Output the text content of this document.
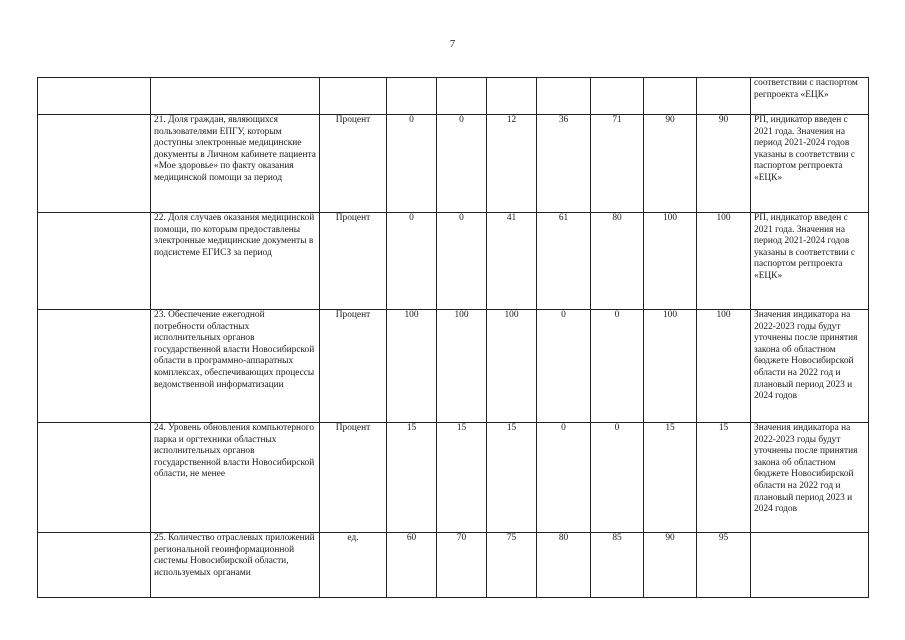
7
										соответствии с паспортом регпроекта «ЕЦК»
	21. Доля граждан, являющихся пользователями ЕПГУ, которым доступны электронные медицинские документы в Личном кабинете пациента «Мое здоровье» по факту оказания медицинской помощи за период	Процент	0	0	12	36	71	90	90	РП, индикатор введен с 2021 года. Значения на период 2021-2024 годов указаны в соответствии с паспортом регпроекта «ЕЦК»
	22. Доля случаев оказания медицинской помощи, по которым предоставлены электронные медицинские документы в подсистеме ЕГИСЗ за период	Процент	0	0	41	61	80	100	100	РП, индикатор введен с 2021 года. Значения на период 2021-2024 годов указаны в соответствии с паспортом регпроекта «ЕЦК»
	23. Обеспечение ежегодной потребности областных исполнительных органов государственной власти Новосибирской области в программно-аппаратных комплексах, обеспечивающих процессы ведомственной информатизации	Процент	100	100	100	0	0	100	100	Значения индикатора на 2022-2023 годы будут уточнены после принятия закона об областном бюджете Новосибирской области на 2022 год и плановый период 2023 и 2024 годов
	24. Уровень обновления компьютерного парка и оргтехники областных исполнительных органов государственной власти Новосибирской области, не менее	Процент	15	15	15	0	0	15	15	Значения индикатора на 2022-2023 годы будут уточнены после принятия закона об областном бюджете Новосибирской области на 2022 год и плановый период 2023 и 2024 годов
	25. Количество отраслевых приложений региональной геоинформационной системы Новосибирской области, используемых органами	ед.	60	70	75	80	85	90	95	
